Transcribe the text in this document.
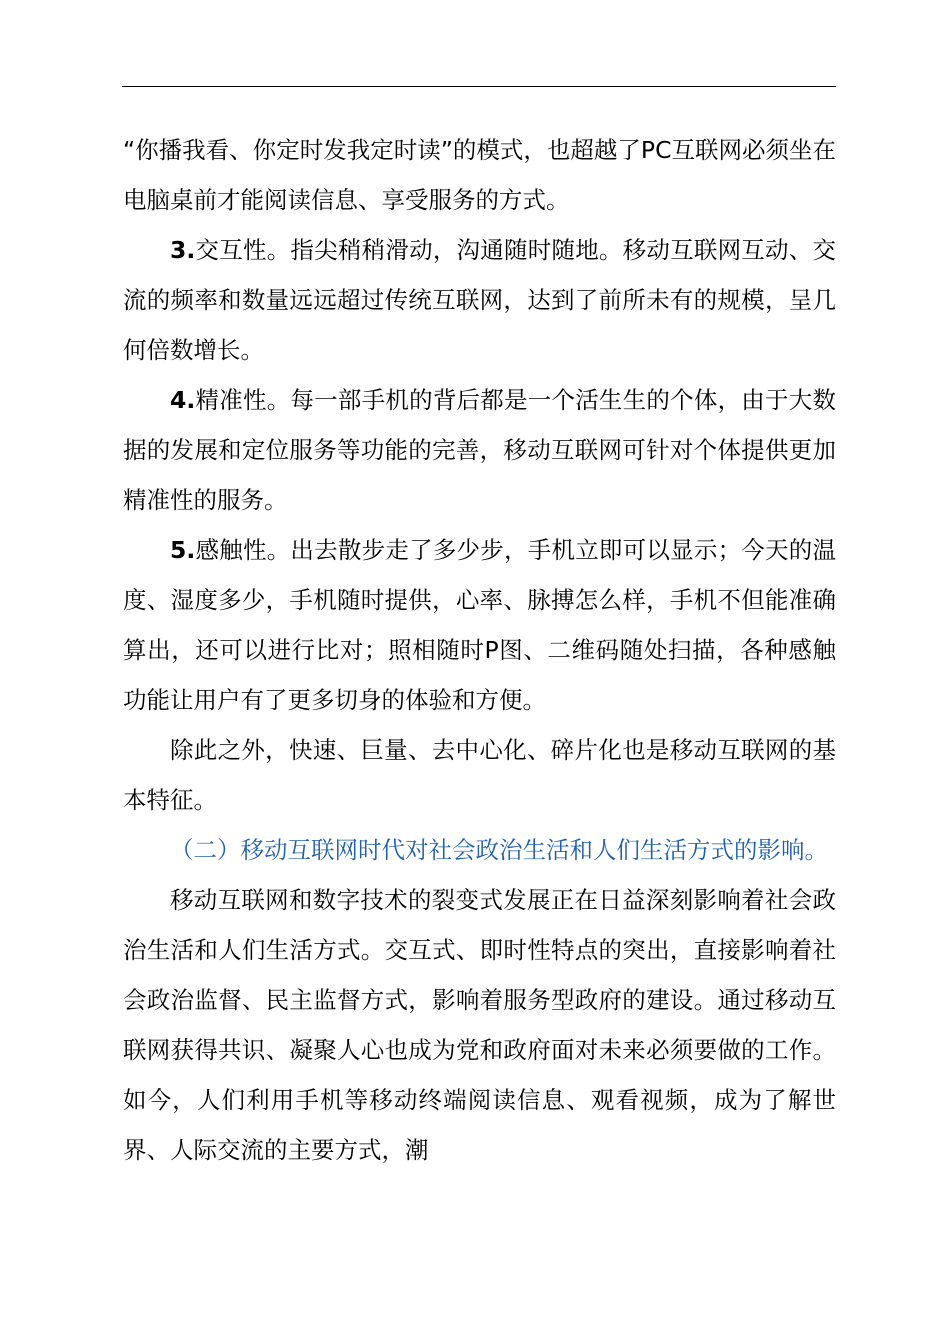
“你播我看、你定时发我定时读”的模式，也超越了PC互联网必须坐在电脑桌前才能阅读信息、享受服务的方式。

3.交互性。指尖稍稍滑动，沟通随时随地。移动互联网互动、交流的频率和数量远远超过传统互联网，达到了前所未有的规模，呈几何倍数增长。

4.精准性。每一部手机的背后都是一个活生生的个体，由于大数据的发展和定位服务等功能的完善，移动互联网可针对个体提供更加精准性的服务。

5.感触性。出去散步走了多少步，手机立即可以显示；今天的温度、湿度多少，手机随时提供，心率、脉搏怎么样，手机不但能准确算出，还可以进行比对；照相随时P图、二维码随处扫描，各种感触功能让用户有了更多切身的体验和方便。

除此之外，快速、巨量、去中心化、碎片化也是移动互联网的基本特征。

（二）移动互联网时代对社会政治生活和人们生活方式的影响。

移动互联网和数字技术的裂变式发展正在日益深刻影响着社会政治生活和人们生活方式。交互式、即时性特点的突出，直接影响着社会政治监督、民主监督方式，影响着服务型政府的建设。通过移动互联网获得共识、凝聚人心也成为党和政府面对未来必须要做的工作。如今，人们利用手机等移动终端阅读信息、观看视频，成为了解世界、人际交流的主要方式，潮
